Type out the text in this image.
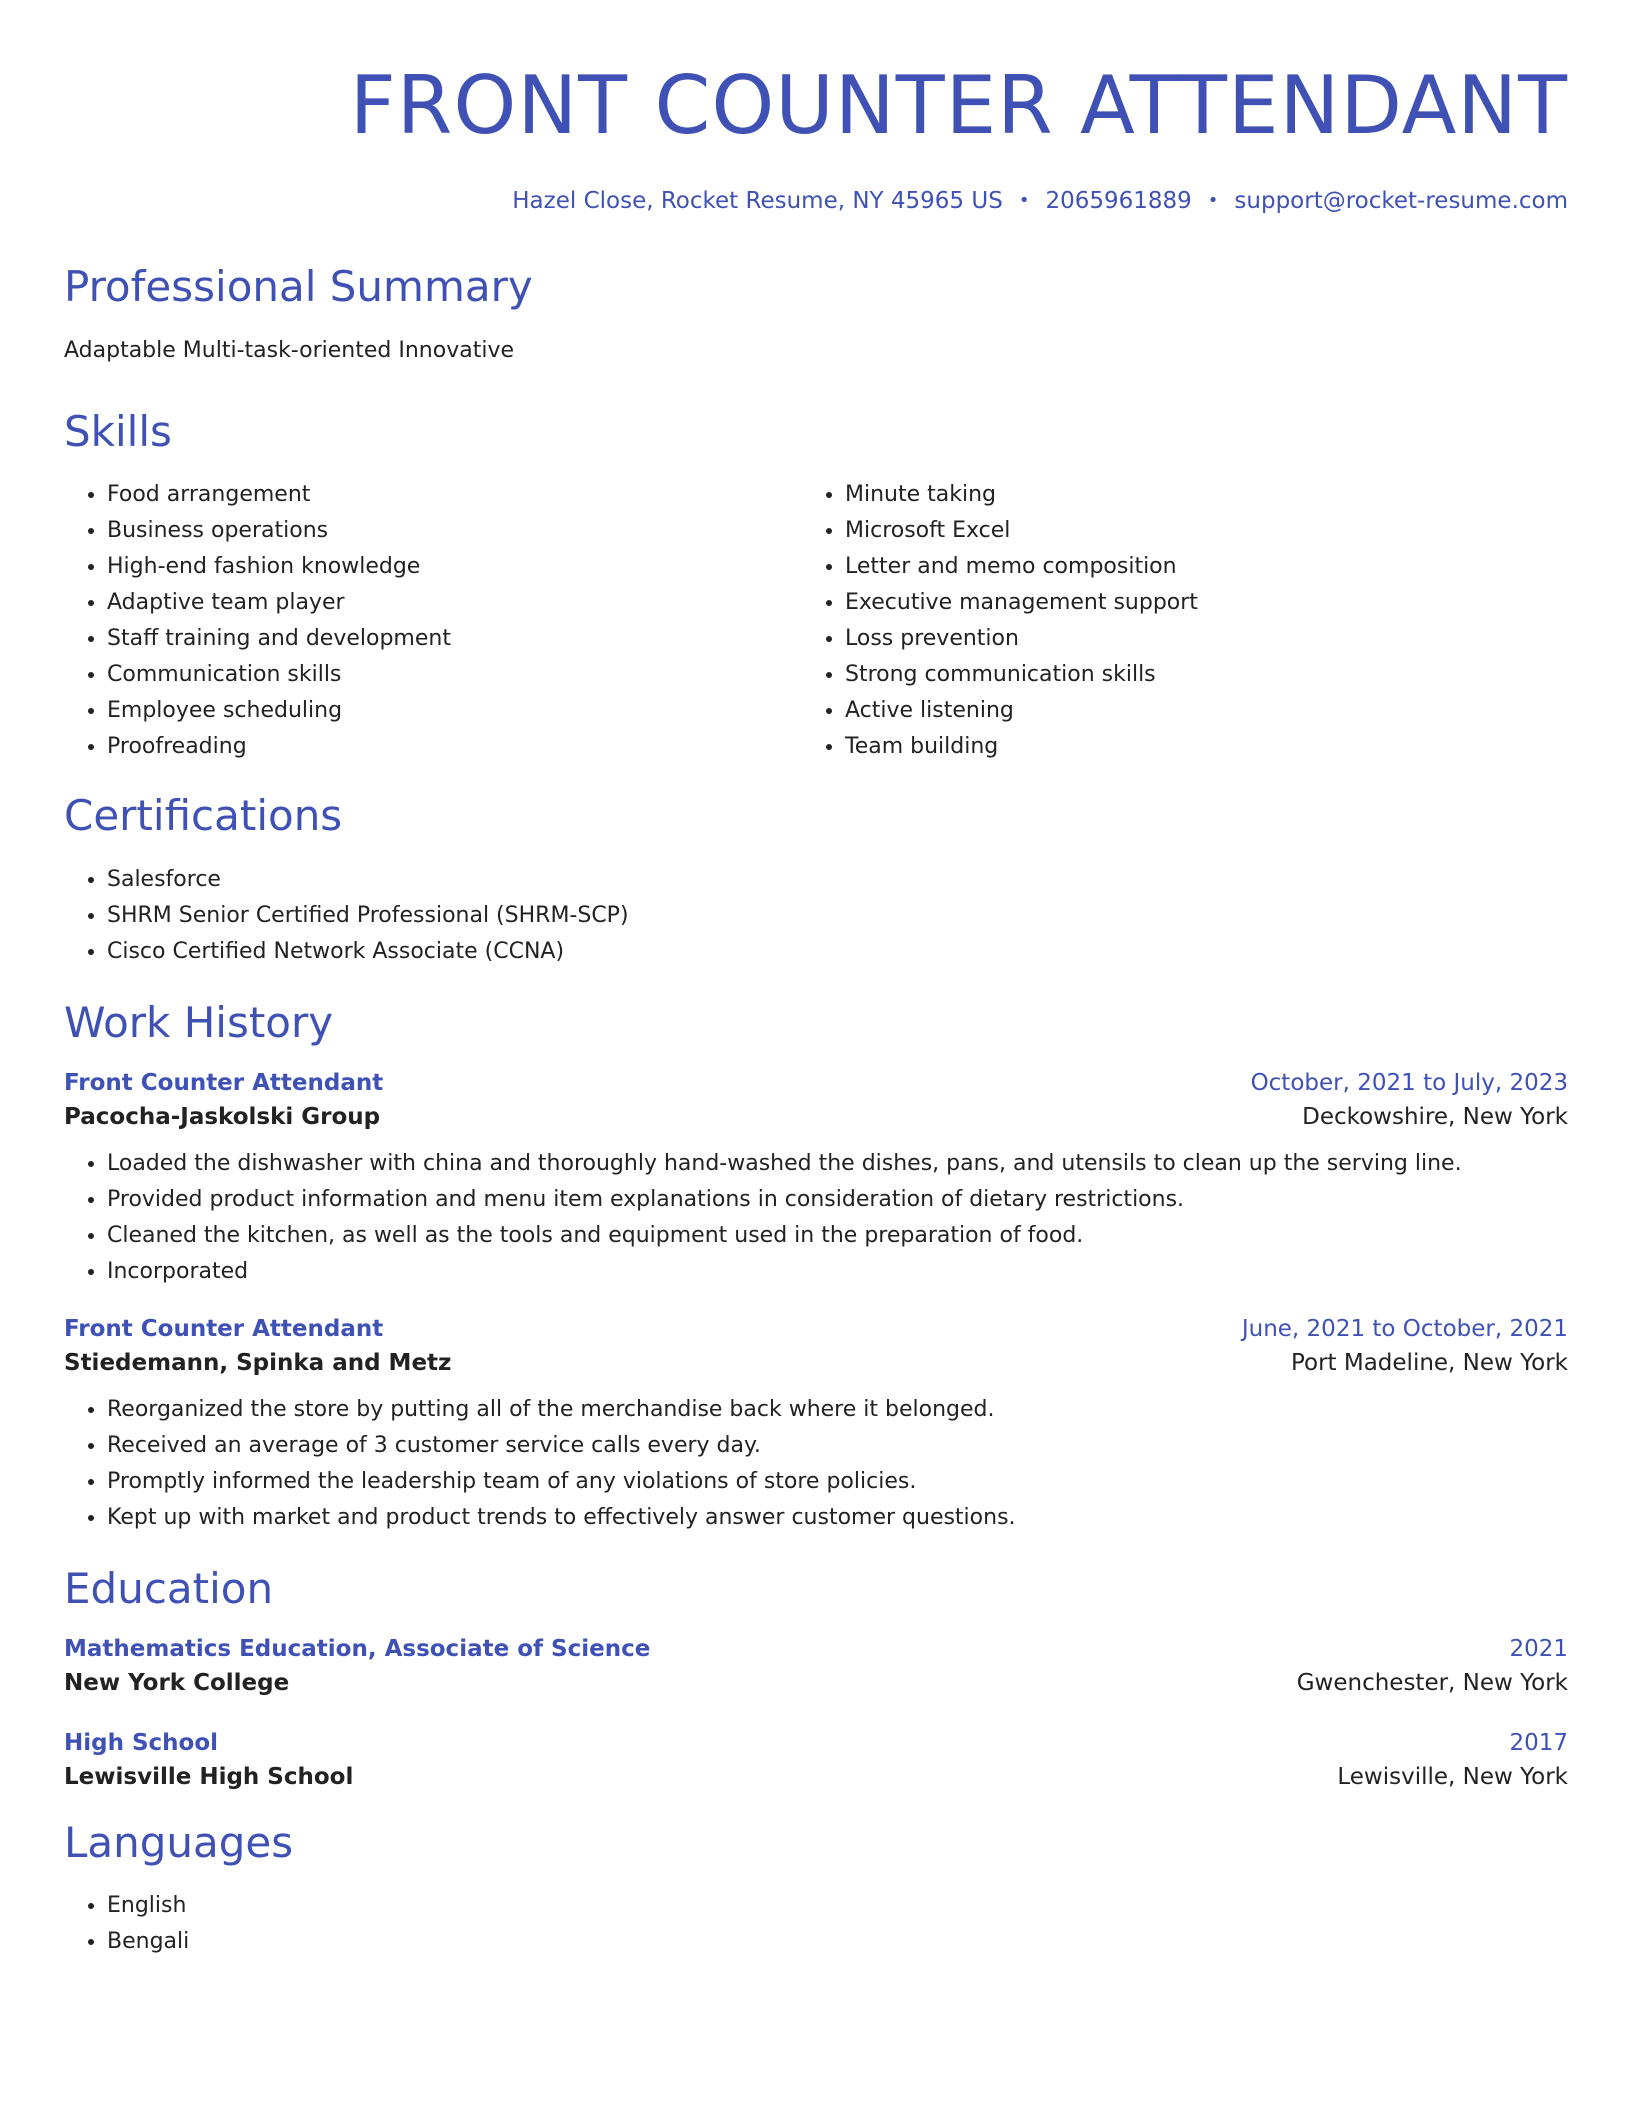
FRONT COUNTER ATTENDANT
Hazel Close, Rocket Resume, NY 45965 US • 2065961889 • support@rocket-resume.com
Professional Summary
Adaptable Multi-task-oriented Innovative
Skills
• Food arrangement
• Business operations
• High-end fashion knowledge
• Adaptive team player
• Staff training and development
• Communication skills
• Employee scheduling
• Proofreading
• Minute taking
• Microsoft Excel
• Letter and memo composition
• Executive management support
• Loss prevention
• Strong communication skills
• Active listening
• Team building
Certifications
• Salesforce
• SHRM Senior Certified Professional (SHRM-SCP)
• Cisco Certified Network Associate (CCNA)
Work History
Front Counter Attendant	October, 2021 to July, 2023
Pacocha-Jaskolski Group	Deckowshire, New York
• Loaded the dishwasher with china and thoroughly hand-washed the dishes, pans, and utensils to clean up the serving line.
• Provided product information and menu item explanations in consideration of dietary restrictions.
• Cleaned the kitchen, as well as the tools and equipment used in the preparation of food.
• Incorporated
Front Counter Attendant	June, 2021 to October, 2021
Stiedemann, Spinka and Metz	Port Madeline, New York
• Reorganized the store by putting all of the merchandise back where it belonged.
• Received an average of 3 customer service calls every day.
• Promptly informed the leadership team of any violations of store policies.
• Kept up with market and product trends to effectively answer customer questions.
Education
Mathematics Education, Associate of Science	2021
New York College	Gwenchester, New York
High School	2017
Lewisville High School	Lewisville, New York
Languages
• English
• Bengali
